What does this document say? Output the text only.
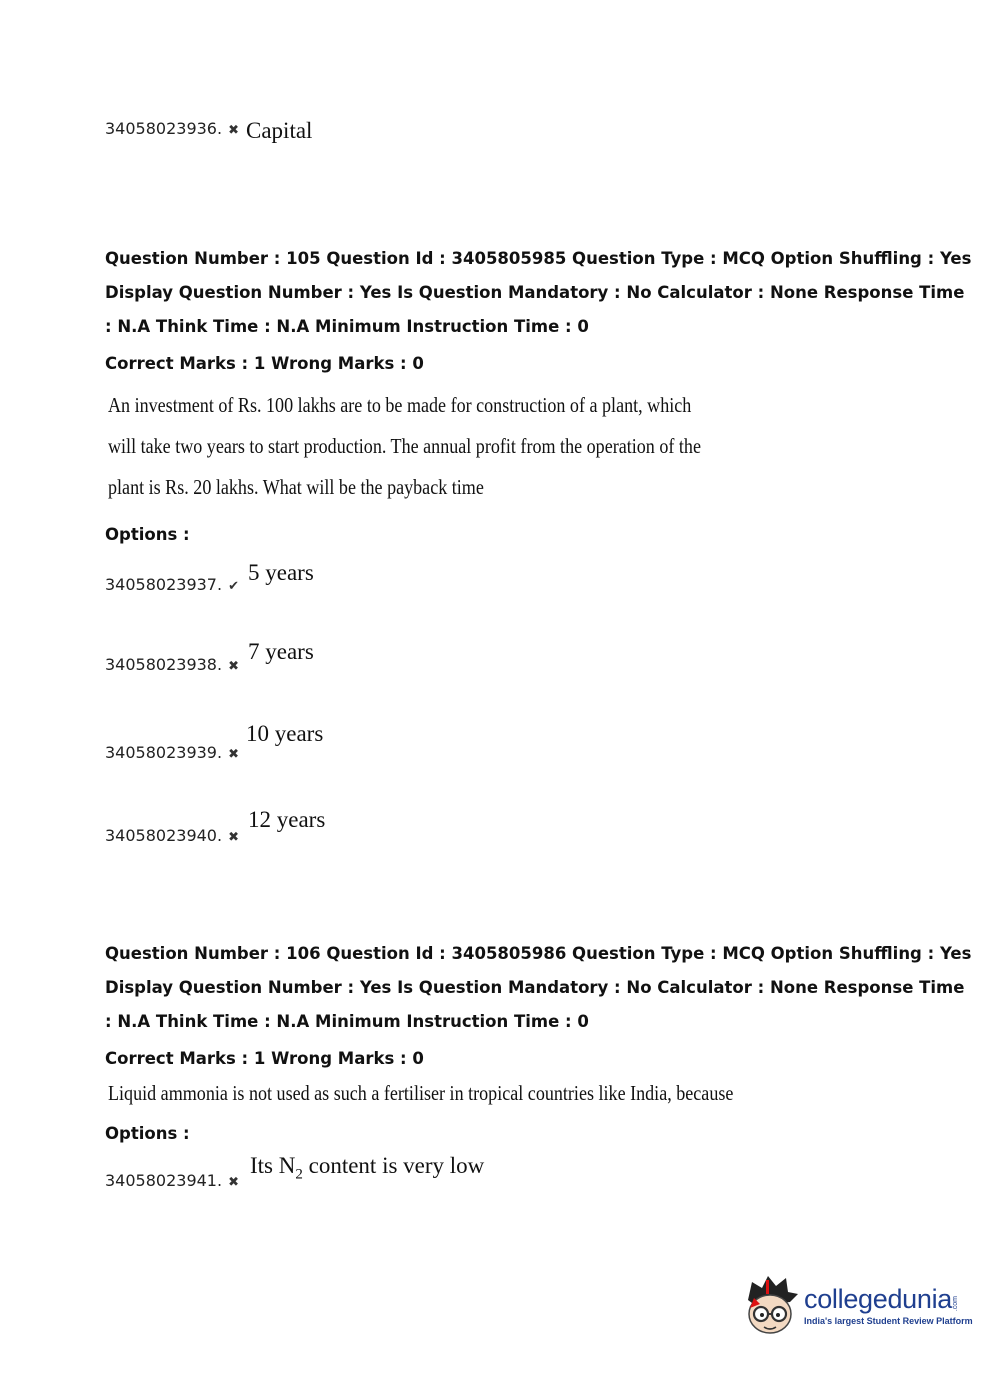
34058023936. ✖ Capital

Question Number : 105 Question Id : 3405805985 Question Type : MCQ Option Shuffling : Yes

Display Question Number : Yes Is Question Mandatory : No Calculator : None Response Time

: N.A Think Time : N.A Minimum Instruction Time : 0

Correct Marks : 1 Wrong Marks : 0
An investment of Rs. 100 lakhs are to be made for construction of a plant, which
will take two years to start production. The annual profit from the operation of the
plant is Rs. 20 lakhs. What will be the payback time
Options :
34058023937. ✔
5 years
34058023938. ✖
7 years
34058023939. ✖
10 years
34058023940. ✖
12 years

Question Number : 106 Question Id : 3405805986 Question Type : MCQ Option Shuffling : Yes

Display Question Number : Yes Is Question Mandatory : No Calculator : None Response Time

: N.A Think Time : N.A Minimum Instruction Time : 0

Correct Marks : 1 Wrong Marks : 0
Liquid ammonia is not used as such a fertiliser in tropical countries like India, because
Options :
34058023941. ✖
Its $N_2$ content is very low
collegedunia.com
India's largest Student Review Platform
